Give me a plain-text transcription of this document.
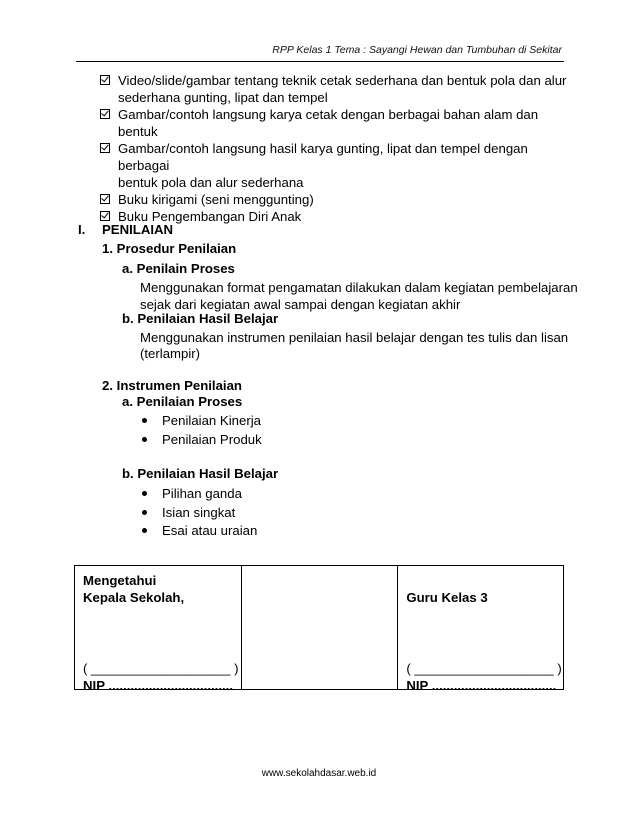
RPP Kelas 1 Tema : Sayangi Hewan dan Tumbuhan di Sekitar
Video/slide/gambar tentang teknik cetak sederhana dan bentuk pola dan alur
sederhana gunting, lipat dan tempel
Gambar/contoh langsung karya cetak dengan berbagai bahan alam dan bentuk
Gambar/contoh langsung hasil karya gunting, lipat dan tempel dengan berbagai
bentuk pola dan alur sederhana
Buku kirigami (seni menggunting)
Buku Pengembangan Diri Anak
I. PENILAIAN
1. Prosedur Penilaian
a. Penilain Proses
Menggunakan format pengamatan dilakukan dalam kegiatan pembelajaran
sejak dari kegiatan awal sampai dengan kegiatan akhir
b. Penilaian Hasil Belajar
Menggunakan instrumen penilaian hasil belajar dengan tes tulis dan lisan
(terlampir)
2. Instrumen Penilaian
a. Penilaian Proses
Penilaian Kinerja
Penilaian Produk
b. Penilaian Hasil Belajar
Pilihan ganda
Isian singkat
Esai atau uraian
Mengetahui
Kepala Sekolah,
( ___________________ )
NIP ..................................

Guru Kelas 3
( ___________________ )
NIP ..................................
www.sekolahdasar.web.id
